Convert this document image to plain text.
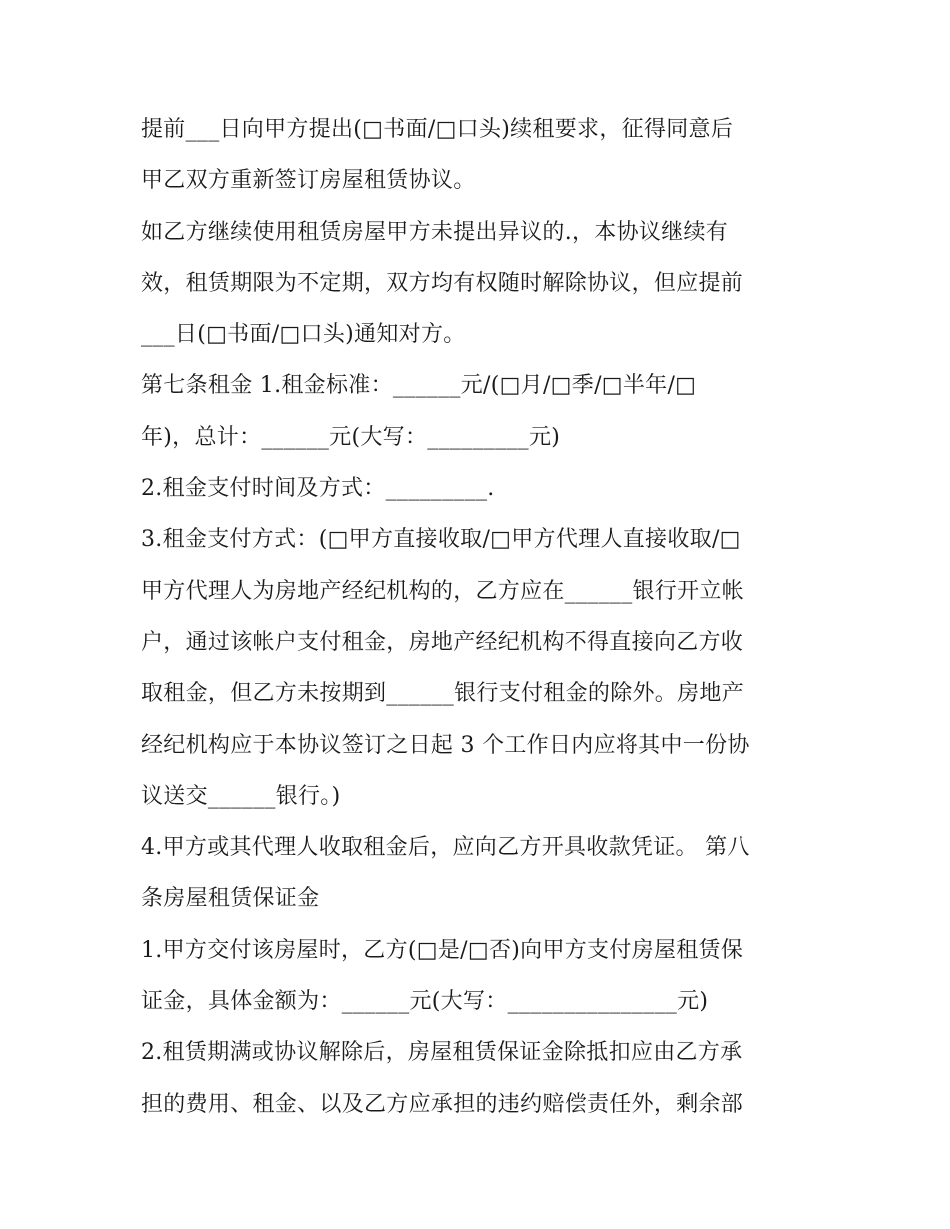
提前___日向甲方提出(□书面/□口头)续租要求，征得同意后
甲乙双方重新签订房屋租赁协议。
如乙方继续使用租赁房屋甲方未提出异议的.，本协议继续有
效，租赁期限为不定期，双方均有权随时解除协议，但应提前
___日(□书面/□口头)通知对方。
第七条租金 1.租金标准：______元/(□月/□季/□半年/□
年)，总计：______元(大写：_________元)
2.租金支付时间及方式：_________.
3.租金支付方式：(□甲方直接收取/□甲方代理人直接收取/□
甲方代理人为房地产经纪机构的，乙方应在______银行开立帐
户，通过该帐户支付租金，房地产经纪机构不得直接向乙方收
取租金，但乙方未按期到______银行支付租金的除外。房地产
经纪机构应于本协议签订之日起 3 个工作日内应将其中一份协
议送交______银行。)
4.甲方或其代理人收取租金后，应向乙方开具收款凭证。 第八
条房屋租赁保证金
1.甲方交付该房屋时，乙方(□是/□否)向甲方支付房屋租赁保
证金，具体金额为：______元(大写：_______________元)
2.租赁期满或协议解除后，房屋租赁保证金除抵扣应由乙方承
担的费用、租金、以及乙方应承担的违约赔偿责任外，剩余部
